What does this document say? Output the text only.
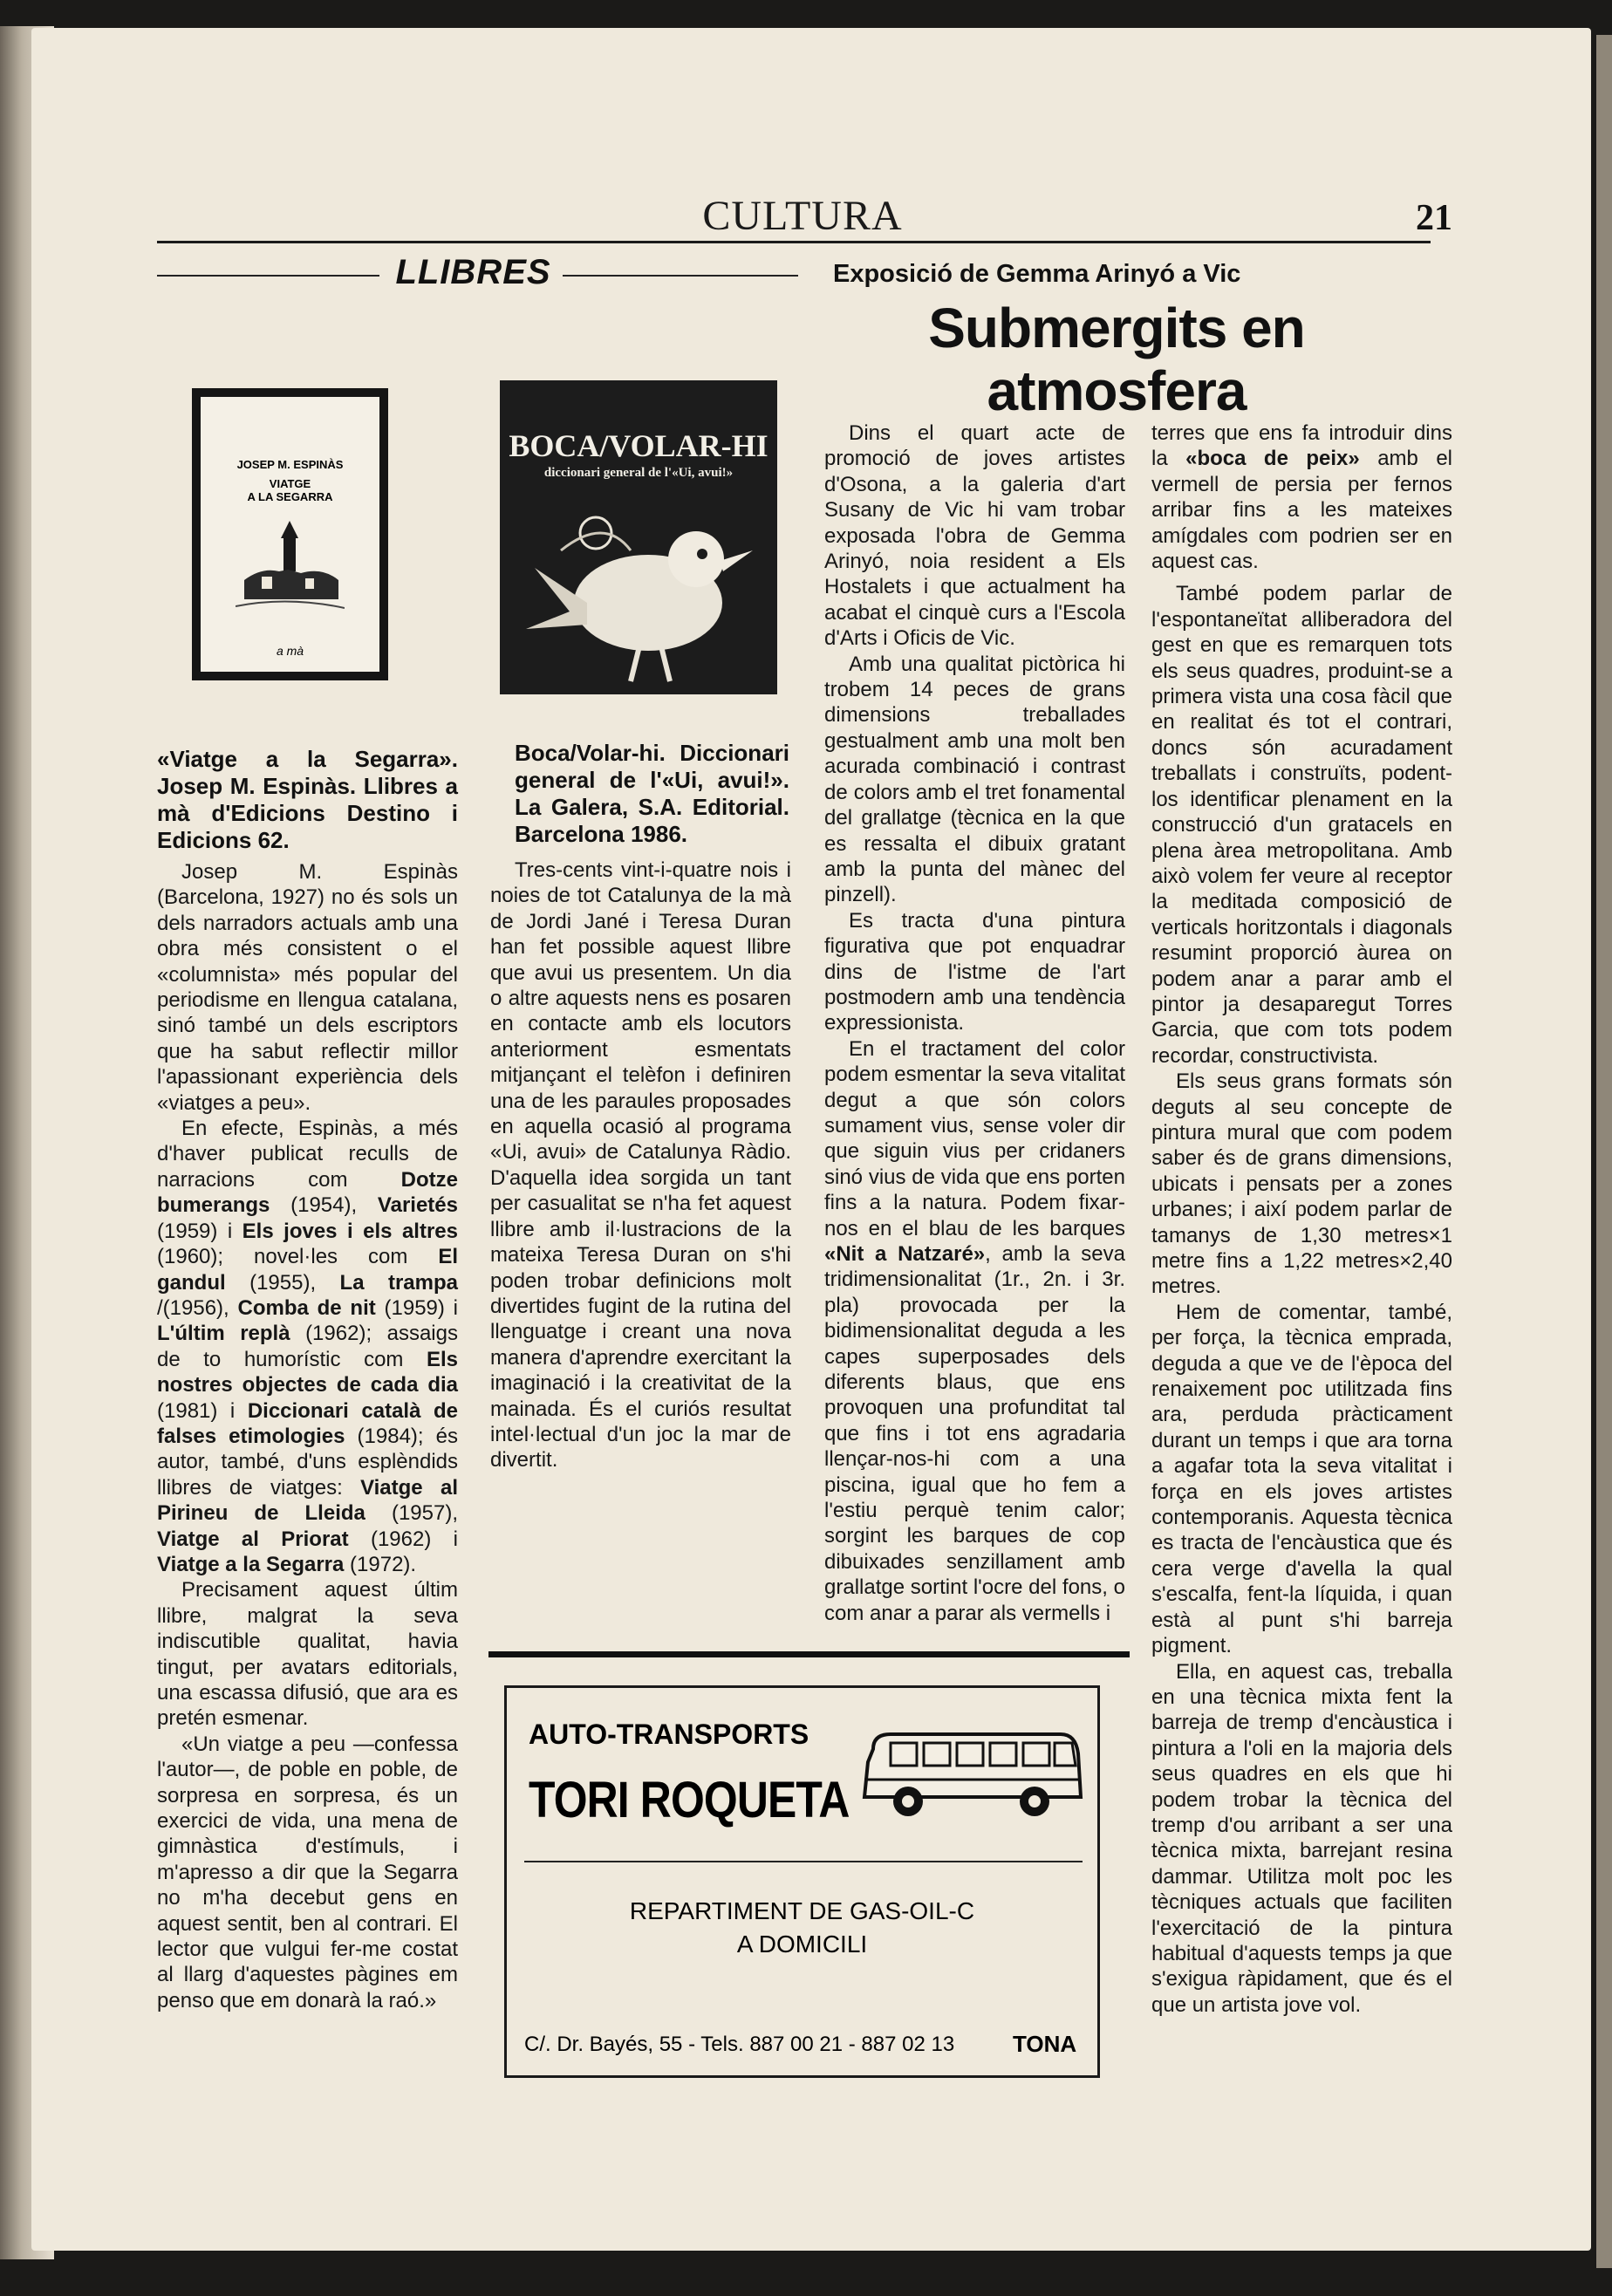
CULTURA	21
LLIBRES	Exposició de Gemma Arinyó a Vic
Submergits en
atmosfera
JOSEP M. ESPINÀS
VIATGE
A LA SEGARRA
a mà
BOCA/VOLAR-HI
diccionari general de l'«Ui, avui!»
«Viatge a la Segarra». Josep M. Espinàs. Llibres a mà d'Edicions Destino i Edicions 62.
Boca/Volar-hi. Diccionari general de l'«Ui, avui!». La Galera, S.A. Editorial. Barcelona 1986.

Josep M. Espinàs (Barcelona, 1927) no és sols un dels narradors actuals amb una obra més consistent o el «columnista» més popular del periodisme en llengua catalana, sinó també un dels escriptors que ha sabut reflectir millor l'apassionant experiència dels «viatges a peu».

En efecte, Espinàs, a més d'haver publicat reculls de narracions com Dotze bumerangs (1954), Varietés (1959) i Els joves i els altres (1960); novel·les com El gandul (1955), La trampa /(1956), Comba de nit (1959) i L'últim replà (1962); assaigs de to humorístic com Els nostres objectes de cada dia (1981) i Diccionari català de falses etimologies (1984); és autor, també, d'uns esplèndids llibres de viatges: Viatge al Pirineu de Lleida (1957), Viatge al Priorat (1962) i Viatge a la Segarra (1972).

Precisament aquest últim llibre, malgrat la seva indiscutible qualitat, havia tingut, per avatars editorials, una escassa difusió, que ara es pretén esmenar.

«Un viatge a peu —confessa l'autor—, de poble en poble, de sorpresa en sorpresa, és un exercici de vida, una mena de gimnàstica d'estímuls, i m'apresso a dir que la Segarra no m'ha decebut gens en aquest sentit, ben al contrari. El lector que vulgui fer-me costat al llarg d'aquestes pàgines em penso que em donarà la raó.»

Tres-cents vint-i-quatre nois i noies de tot Catalunya de la mà de Jordi Jané i Teresa Duran han fet possible aquest llibre que avui us presentem. Un dia o altre aquests nens es posaren en contacte amb els locutors anteriorment esmentats mitjançant el telèfon i definiren una de les paraules proposades en aquella ocasió al programa «Ui, avui» de Catalunya Ràdio. D'aquella idea sorgida un tant per casualitat se n'ha fet aquest llibre amb il·lustracions de la mateixa Teresa Duran on s'hi poden trobar definicions molt divertides fugint de la rutina del llenguatge i creant una nova manera d'aprendre exercitant la imaginació i la creativitat de la mainada. És el curiós resultat intel·lectual d'un joc la mar de divertit.

Dins el quart acte de promoció de joves artistes d'Osona, a la galeria d'art Susany de Vic hi vam trobar exposada l'obra de Gemma Arinyó, noia resident a Els Hostalets i que actualment ha acabat el cinquè curs a l'Escola d'Arts i Oficis de Vic.

Amb una qualitat pictòrica hi trobem 14 peces de grans dimensions treballades gestualment amb una molt ben acurada combinació i contrast de colors amb el tret fonamental del grallatge (tècnica en la que es ressalta el dibuix gratant amb la punta del mànec del pinzell).

Es tracta d'una pintura figurativa que pot enquadrar dins de l'istme de l'art postmodern amb una tendència expressionista.

En el tractament del color podem esmentar la seva vitalitat degut a que són colors sumament vius, sense voler dir que siguin vius per cridaners sinó vius de vida que ens porten fins a la natura. Podem fixar-nos en el blau de les barques «Nit a Natzaré», amb la seva tridimensionalitat (1r., 2n. i 3r. pla) provocada per la bidimensionalitat deguda a les capes superposades dels diferents blaus, que ens provoquen una profunditat tal que fins i tot ens agradaria llençar-nos-hi com a una piscina, igual que ho fem a l'estiu perquè tenim calor; sorgint les barques de cop dibuixades senzillament amb grallatge sortint l'ocre del fons, o com anar a parar als vermells i

terres que ens fa introduir dins la «boca de peix» amb el vermell de persia per fernos arribar fins a les mateixes amígdales com podrien ser en aquest cas.

També podem parlar de l'espontaneïtat alliberadora del gest en que es remarquen tots els seus quadres, produint-se a primera vista una cosa fàcil que en realitat és tot el contrari, doncs són acuradament treballats i construïts, podent-los identificar plenament en la construcció d'un gratacels en plena àrea metropolitana. Amb això volem fer veure al receptor la meditada composició de verticals horitzontals i diagonals resumint proporció àurea on podem anar a parar amb el pintor ja desaparegut Torres Garcia, que com tots podem recordar, constructivista.

Els seus grans formats són deguts al seu concepte de pintura mural que com podem saber és de grans dimensions, ubicats i pensats per a zones urbanes; i així podem parlar de tamanys de 1,30 metres×1 metre fins a 1,22 metres×2,40 metres.

Hem de comentar, també, per força, la tècnica emprada, deguda a que ve de l'època del renaixement poc utilitzada fins ara, perduda pràcticament durant un temps i que ara torna a agafar tota la seva vitalitat i força en els joves artistes contemporanis. Aquesta tècnica es tracta de l'encàustica que és cera verge d'avella la qual s'escalfa, fent-la líquida, i quan està al punt s'hi barreja pigment.

Ella, en aquest cas, treballa en una tècnica mixta fent la barreja de tremp d'encàustica i pintura a l'oli en la majoria dels seus quadres en els que hi podem trobar la tècnica del tremp d'ou arribant a ser una tècnica mixta, barrejant resina dammar. Utilitza molt poc les tècniques actuals que faciliten l'exercitació de la pintura habitual d'aquests temps ja que s'exigua ràpidament, que és el que un artista jove vol.

AUTO-TRANSPORTS
TORI ROQUETA
REPARTIMENT DE GAS-OIL-C
A DOMICILI
C/. Dr. Bayés, 55 - Tels. 887 00 21 - 887 02 13	TONA
